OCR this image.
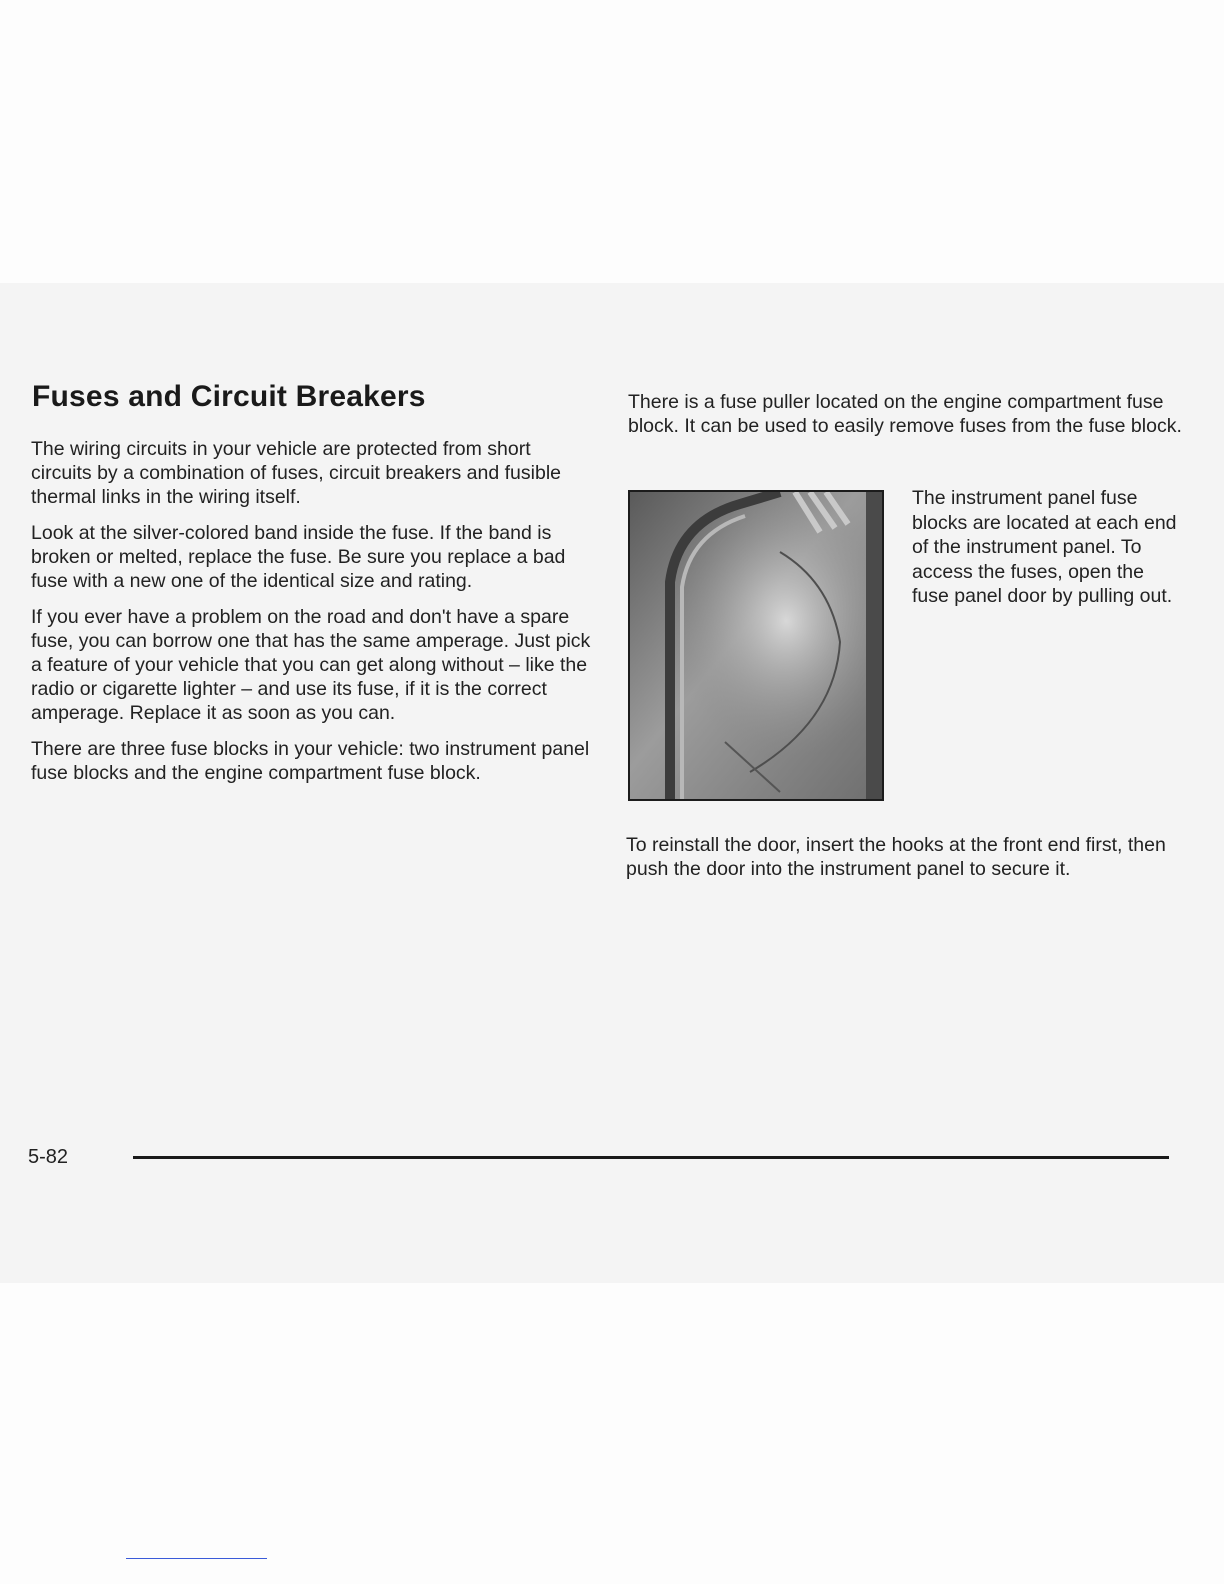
Fuses and Circuit Breakers

The wiring circuits in your vehicle are protected from short circuits by a combination of fuses, circuit breakers and fusible thermal links in the wiring itself.

Look at the silver-colored band inside the fuse. If the band is broken or melted, replace the fuse. Be sure you replace a bad fuse with a new one of the identical size and rating.

If you ever have a problem on the road and don't have a spare fuse, you can borrow one that has the same amperage. Just pick a feature of your vehicle that you can get along without – like the radio or cigarette lighter – and use its fuse, if it is the correct amperage. Replace it as soon as you can.

There are three fuse blocks in your vehicle: two instrument panel fuse blocks and the engine compartment fuse block.

There is a fuse puller located on the engine compartment fuse block. It can be used to easily remove fuses from the fuse block.

The instrument panel fuse blocks are located at each end of the instrument panel. To access the fuses, open the fuse panel door by pulling out.

To reinstall the door, insert the hooks at the front end first, then push the door into the instrument panel to secure it.

5-82
